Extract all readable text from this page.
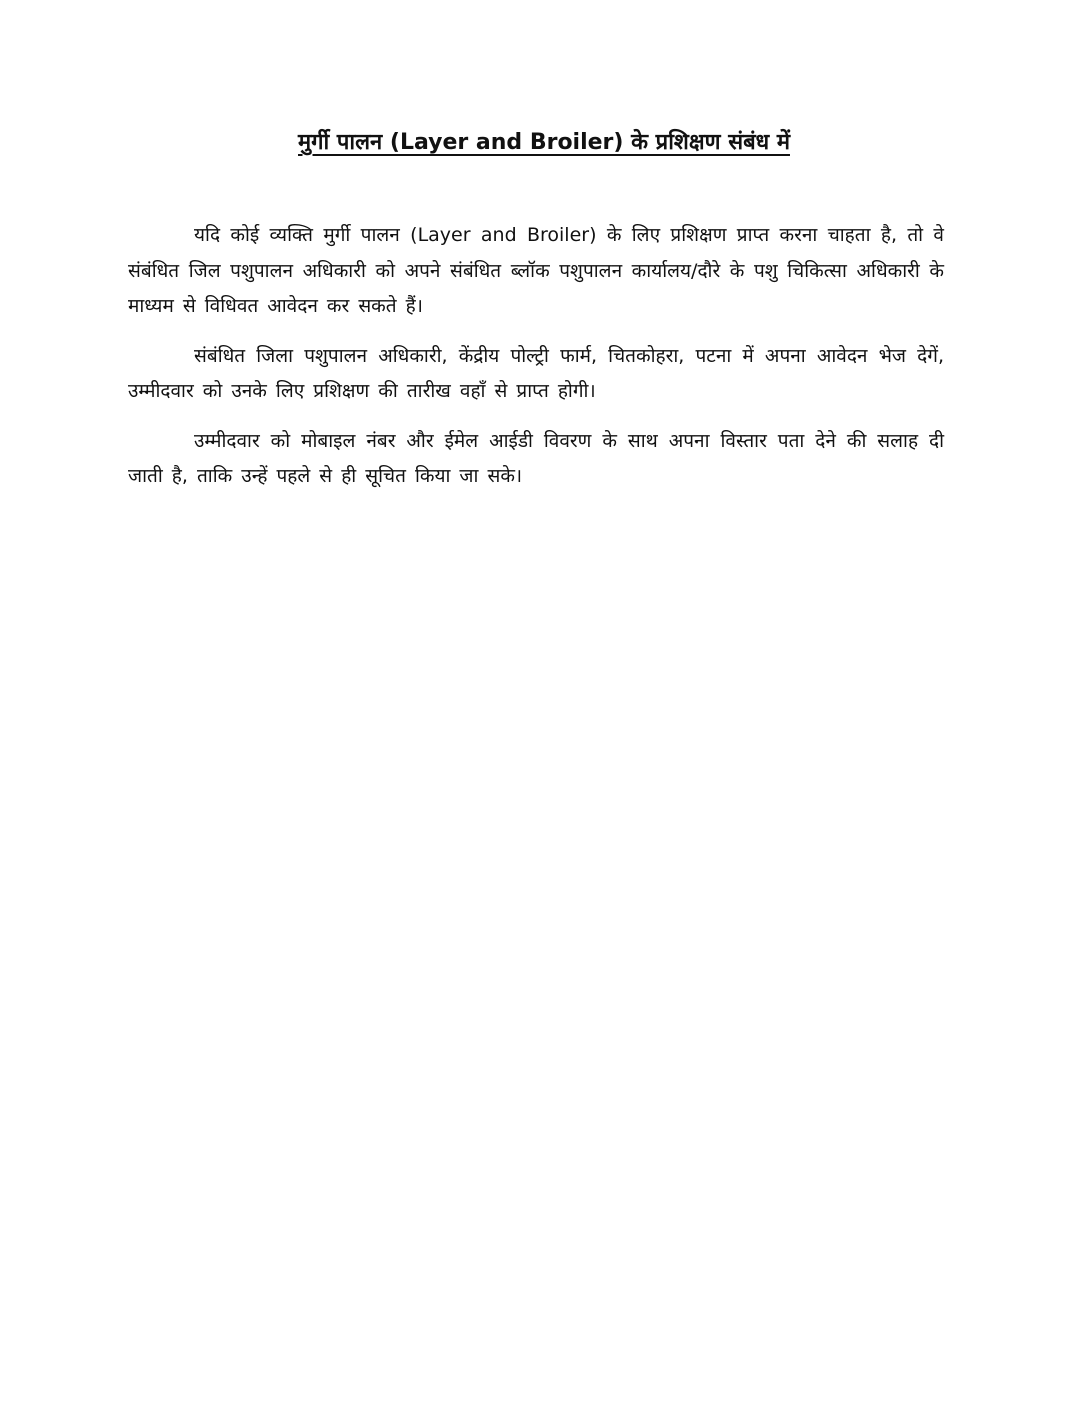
मुर्गी पालन (Layer and Broiler) के प्रशिक्षण संबंध में

यदि कोई व्यक्ति मुर्गी पालन (Layer and Broiler) के लिए प्रशिक्षण प्राप्त करना चाहता है, तो वे संबंधित जिल पशुपालन अधिकारी को अपने संबंधित ब्लॉक पशुपालन कार्यालय/दौरे के पशु चिकित्सा अधिकारी के माध्यम से विधिवत आवेदन कर सकते हैं।

संबंधित जिला पशुपालन अधिकारी, केंद्रीय पोल्ट्री फार्म, चितकोहरा, पटना में अपना आवेदन भेज देगें, उम्मीदवार को उनके लिए प्रशिक्षण की तारीख वहाँ से प्राप्त होगी।

उम्मीदवार को मोबाइल नंबर और ईमेल आईडी विवरण के साथ अपना विस्तार पता देने की सलाह दी जाती है, ताकि उन्हें पहले से ही सूचित किया जा सके।
